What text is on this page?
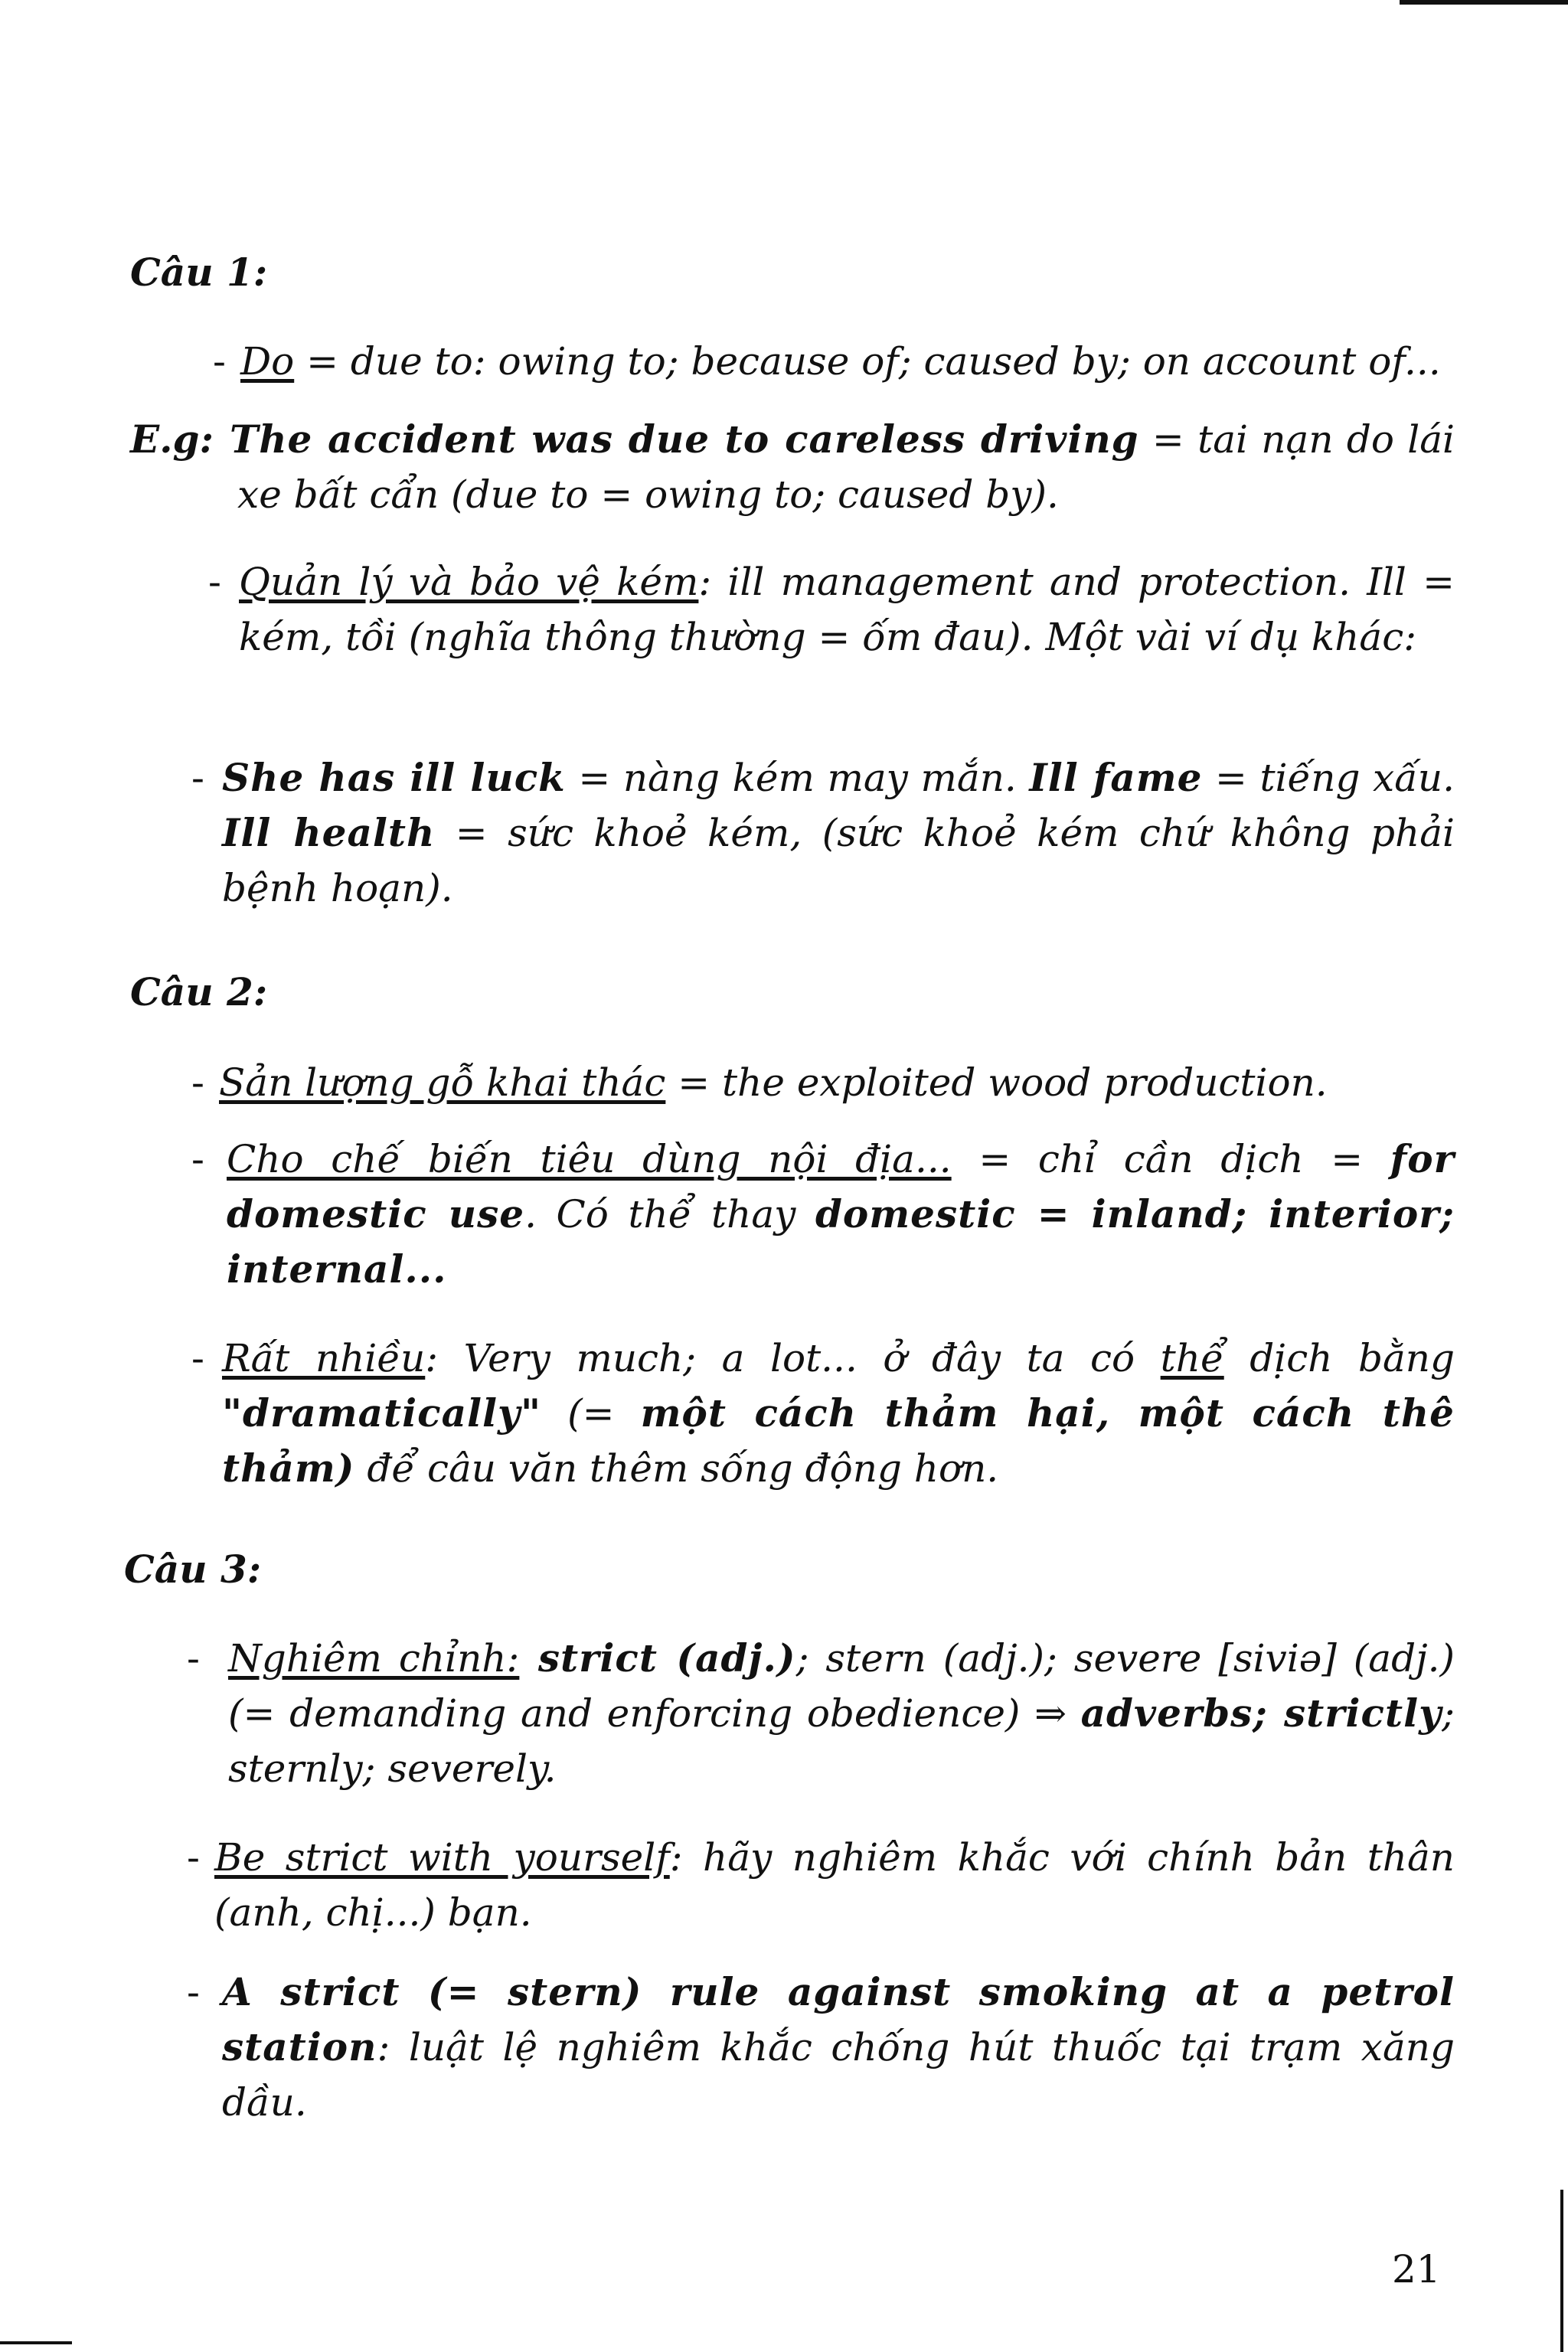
Câu 1:
- Do = due to: owing to; because of; caused by; on account of...

E.g: The accident was due to careless driving = tai nạn do lái xe bất cẩn (due to = owing to; caused by).

- Quản lý và bảo vệ kém: ill management and protection. Ill = kém, tồi (nghĩa thông thường = ốm đau). Một vài ví dụ khác:

- She has ill luck = nàng kém may mắn. Ill fame = tiếng xấu. Ill health = sức khoẻ kém, (sức khoẻ kém chứ không phải bệnh hoạn).

Câu 2:
- Sản lượng gỗ khai thác = the exploited wood production.

- Cho chế biến tiêu dùng nội địa... = chỉ cần dịch = for domestic use. Có thể thay domestic = inland; interior; internal...

- Rất nhiều: Very much; a lot... ở đây ta có thể dịch bằng "dramatically" (= một cách thảm hại, một cách thê thảm) để câu văn thêm sống động hơn.

Câu 3:
- Nghiêm chỉnh: strict (adj.); stern (adj.); severe [siviə] (adj.) (= demanding and enforcing obedience) ⇒ adverbs; strictly; sternly; severely.

- Be strict with yourself: hãy nghiêm khắc với chính bản thân (anh, chị...) bạn.

- A strict (= stern) rule against smoking at a petrol station: luật lệ nghiêm khắc chống hút thuốc tại trạm xăng dầu.

21
